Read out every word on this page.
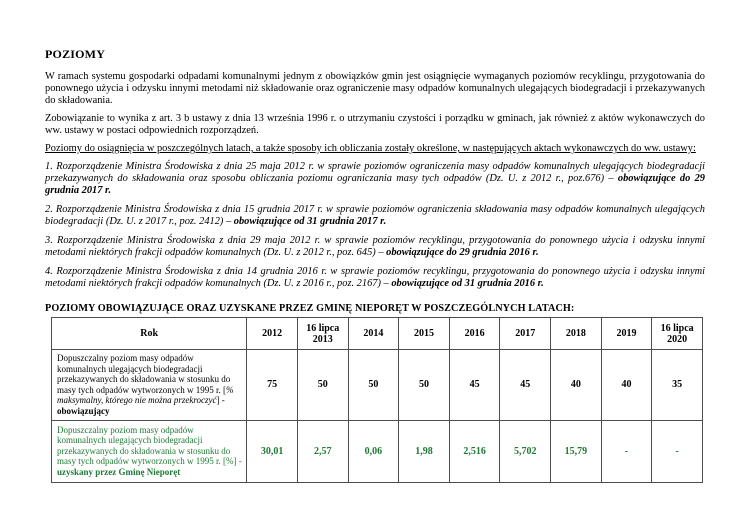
POZIOMY

W ramach systemu gospodarki odpadami komunalnymi jednym z obowiązków gmin jest osiągnięcie wymaganych poziomów recyklingu, przygotowania do ponownego użycia i odzysku innymi metodami niż składowanie oraz ograniczenie masy odpadów komunalnych ulegających biodegradacji i przekazywanych do składowania.

Zobowiązanie to wynika z art. 3 b ustawy z dnia 13 września 1996 r. o utrzymaniu czystości i porządku w gminach, jak również z aktów wykonawczych do ww. ustawy w postaci odpowiednich rozporządzeń.

Poziomy do osiągnięcia w poszczególnych latach, a także sposoby ich obliczania zostały określone, w następujących aktach wykonawczych do ww. ustawy:

1. Rozporządzenie Ministra Środowiska z dnia 25 maja 2012 r. w sprawie poziomów ograniczenia masy odpadów komunalnych ulegających biodegradacji przekazywanych do składowania oraz sposobu obliczania poziomu ograniczania masy tych odpadów (Dz. U. z 2012 r., poz.676) – obowiązujące do 29 grudnia 2017 r.

2. Rozporządzenie Ministra Środowiska z dnia 15 grudnia 2017 r. w sprawie poziomów ograniczenia składowania masy odpadów komunalnych ulegających biodegradacji (Dz. U. z 2017 r., poz. 2412) – obowiązujące od 31 grudnia 2017 r.

3. Rozporządzenie Ministra Środowiska z dnia 29 maja 2012 r. w sprawie poziomów recyklingu, przygotowania do ponownego użycia i odzysku innymi metodami niektórych frakcji odpadów komunalnych (Dz. U. z 2012 r., poz. 645) – obowiązujące do 29 grudnia 2016 r.

4. Rozporządzenie Ministra Środowiska z dnia 14 grudnia 2016 r. w sprawie poziomów recyklingu, przygotowania do ponownego użycia i odzysku innymi metodami niektórych frakcji odpadów komunalnych (Dz. U. z 2016 r., poz. 2167) – obowiązujące od 31 grudnia 2016 r.

POZIOMY OBOWIĄZUJĄCE ORAZ UZYSKANE PRZEZ GMINĘ NIEPORĘT W POSZCZEGÓLNYCH LATACH:
Rok	2012	16 lipca 2013	2014	2015	2016	2017	2018	2019	16 lipca 2020
Dopuszczalny poziom masy odpadów komunalnych ulegających biodegradacji przekazywanych do składowania w stosunku do masy tych odpadów wytworzonych w 1995 r. [% maksymalny, którego nie można przekroczyć] - obowiązujący	75	50	50	50	45	45	40	40	35
Dopuszczalny poziom masy odpadów komunalnych ulegających biodegradacji przekazywanych do składowania w stosunku do masy tych odpadów wytworzonych w 1995 r. [%] - uzyskany przez Gminę Nieporęt	30,01	2,57	0,06	1,98	2,516	5,702	15,79	-	-
